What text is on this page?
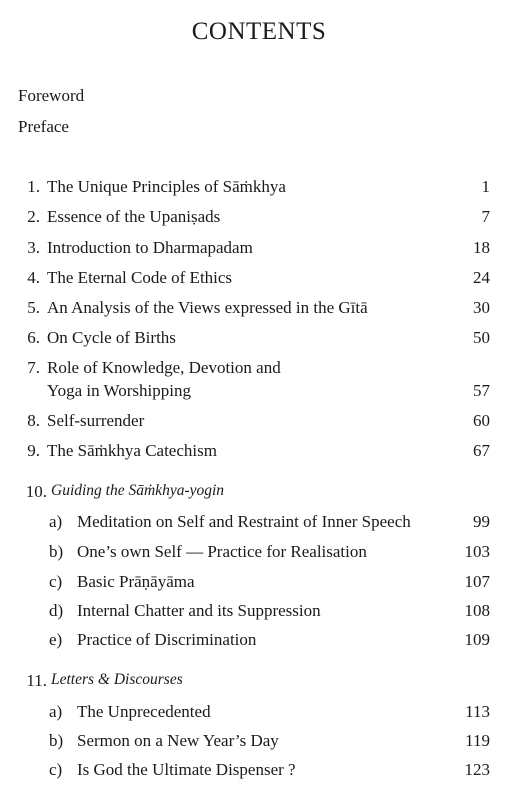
CONTENTS
Foreword
Preface
1. The Unique Principles of Sāṁkhya	1
2. Essence of the Upaniṣads	7
3. Introduction to Dharmapadam	18
4. The Eternal Code of Ethics	24
5. An Analysis of the Views expressed in the Gītā	30
6. On Cycle of Births	50
7. Role of Knowledge, Devotion and
Yoga in Worshipping	57
8. Self-surrender	60
9. The Sāṁkhya Catechism	67
10. Guiding the Sāṁkhya-yogin
a) Meditation on Self and Restraint of Inner Speech	99
b) One’s own Self — Practice for Realisation	103
c) Basic Prāṇāyāma	107
d) Internal Chatter and its Suppression	108
e) Practice of Discrimination	109
11. Letters & Discourses
a) The Unprecedented	113
b) Sermon on a New Year’s Day	119
c) Is God the Ultimate Dispenser ?	123
